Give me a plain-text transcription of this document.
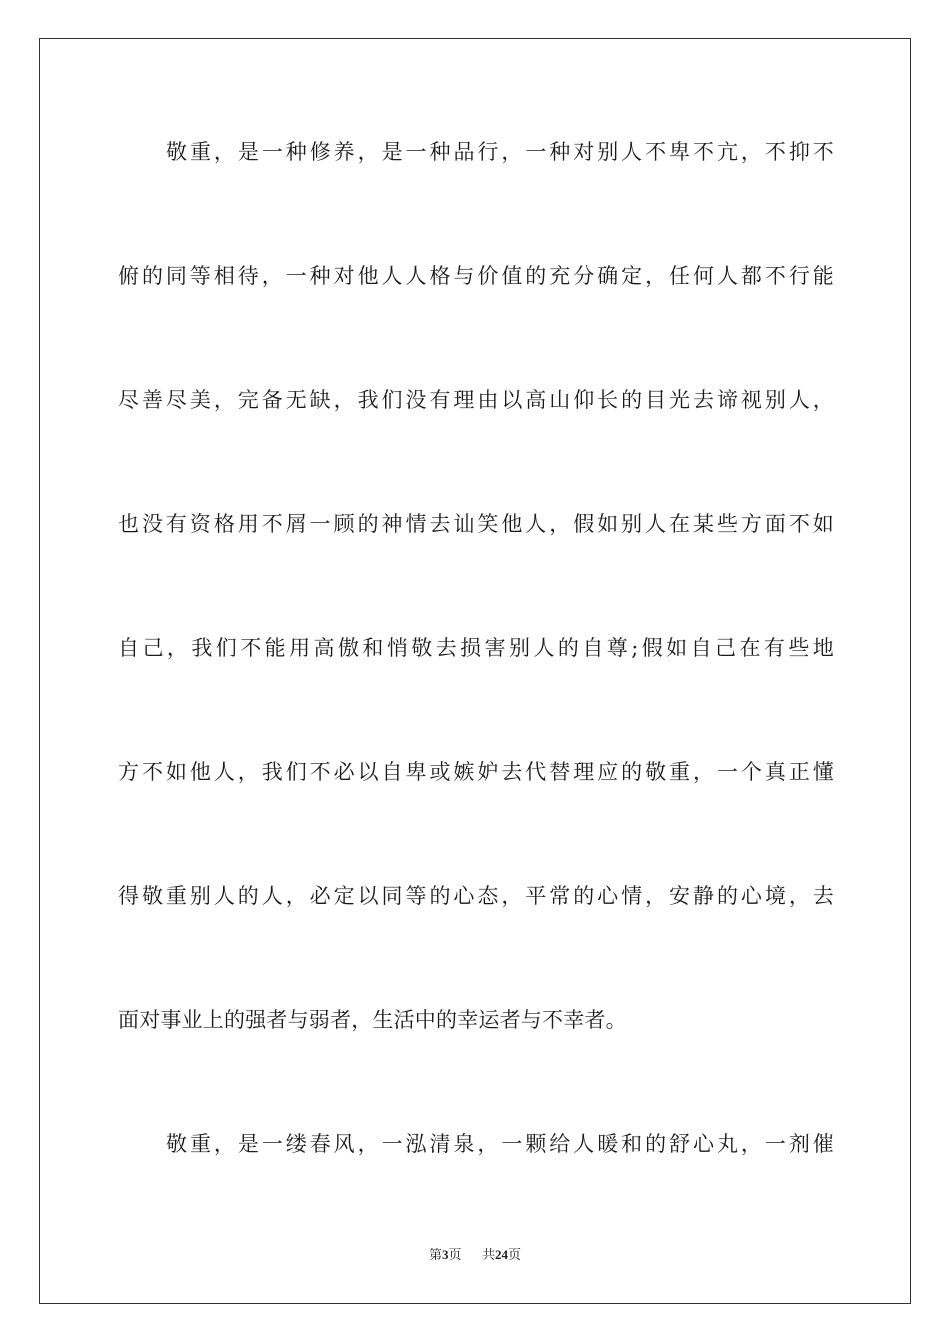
敬重，是一种修养，是一种品行，一种对别人不卑不亢，不抑不
俯的同等相待，一种对他人人格与价值的充分确定，任何人都不行能
尽善尽美，完备无缺，我们没有理由以高山仰长的目光去谛视别人，
也没有资格用不屑一顾的神情去讪笑他人，假如别人在某些方面不如
自己，我们不能用高傲和悄敬去损害别人的自尊;假如自己在有些地
方不如他人，我们不必以自卑或嫉妒去代替理应的敬重，一个真正懂
得敬重别人的人，必定以同等的心态，平常的心情，安静的心境，去
面对事业上的强者与弱者，生活中的幸运者与不幸者。
敬重，是一缕春风，一泓清泉，一颗给人暖和的舒心丸，一剂催
第3页 共24页
